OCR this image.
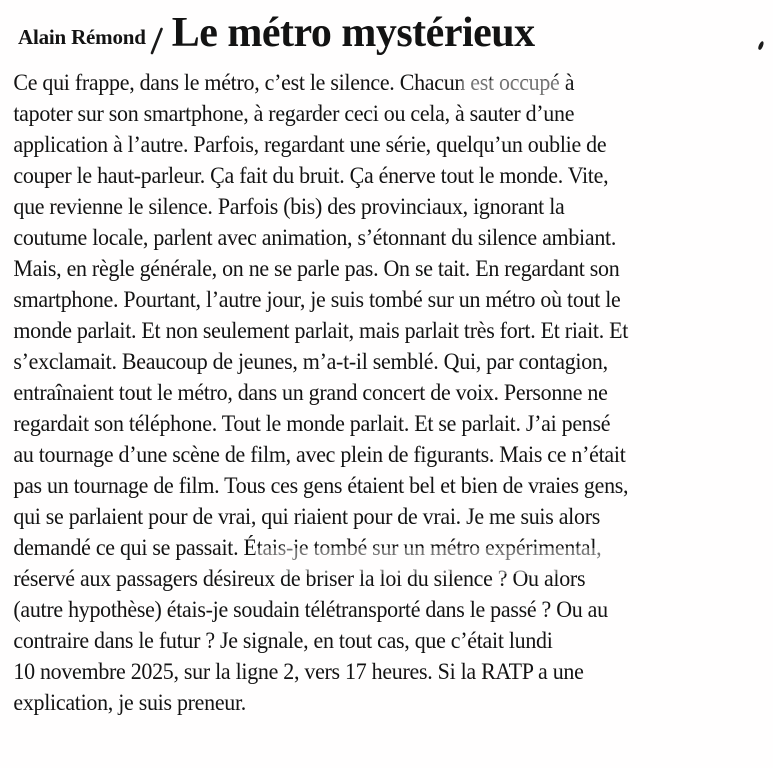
Alain Rémond Le métro mystérieux
Ce qui frappe, dans le métro, c’est le silence. Chacun est occupé à
tapoter sur son smartphone, à regarder ceci ou cela, à sauter d’une
application à l’autre. Parfois, regardant une série, quelqu’un oublie de
couper le haut-parleur. Ça fait du bruit. Ça énerve tout le monde. Vite,
que revienne le silence. Parfois (bis) des provinciaux, ignorant la
coutume locale, parlent avec animation, s’étonnant du silence ambiant.
Mais, en règle générale, on ne se parle pas. On se tait. En regardant son
smartphone. Pourtant, l’autre jour, je suis tombé sur un métro où tout le
monde parlait. Et non seulement parlait, mais parlait très fort. Et riait. Et
s’exclamait. Beaucoup de jeunes, m’a-t-il semblé. Qui, par contagion,
entraînaient tout le métro, dans un grand concert de voix. Personne ne
regardait son téléphone. Tout le monde parlait. Et se parlait. J’ai pensé
au tournage d’une scène de film, avec plein de figurants. Mais ce n’était
pas un tournage de film. Tous ces gens étaient bel et bien de vraies gens,
qui se parlaient pour de vrai, qui riaient pour de vrai. Je me suis alors
demandé ce qui se passait. Étais-je tombé sur un métro expérimental,
réservé aux passagers désireux de briser la loi du silence ? Ou alors
(autre hypothèse) étais-je soudain télétransporté dans le passé ? Ou au
contraire dans le futur ? Je signale, en tout cas, que c’était lundi
10 novembre 2025, sur la ligne 2, vers 17 heures. Si la RATP a une
explication, je suis preneur.
